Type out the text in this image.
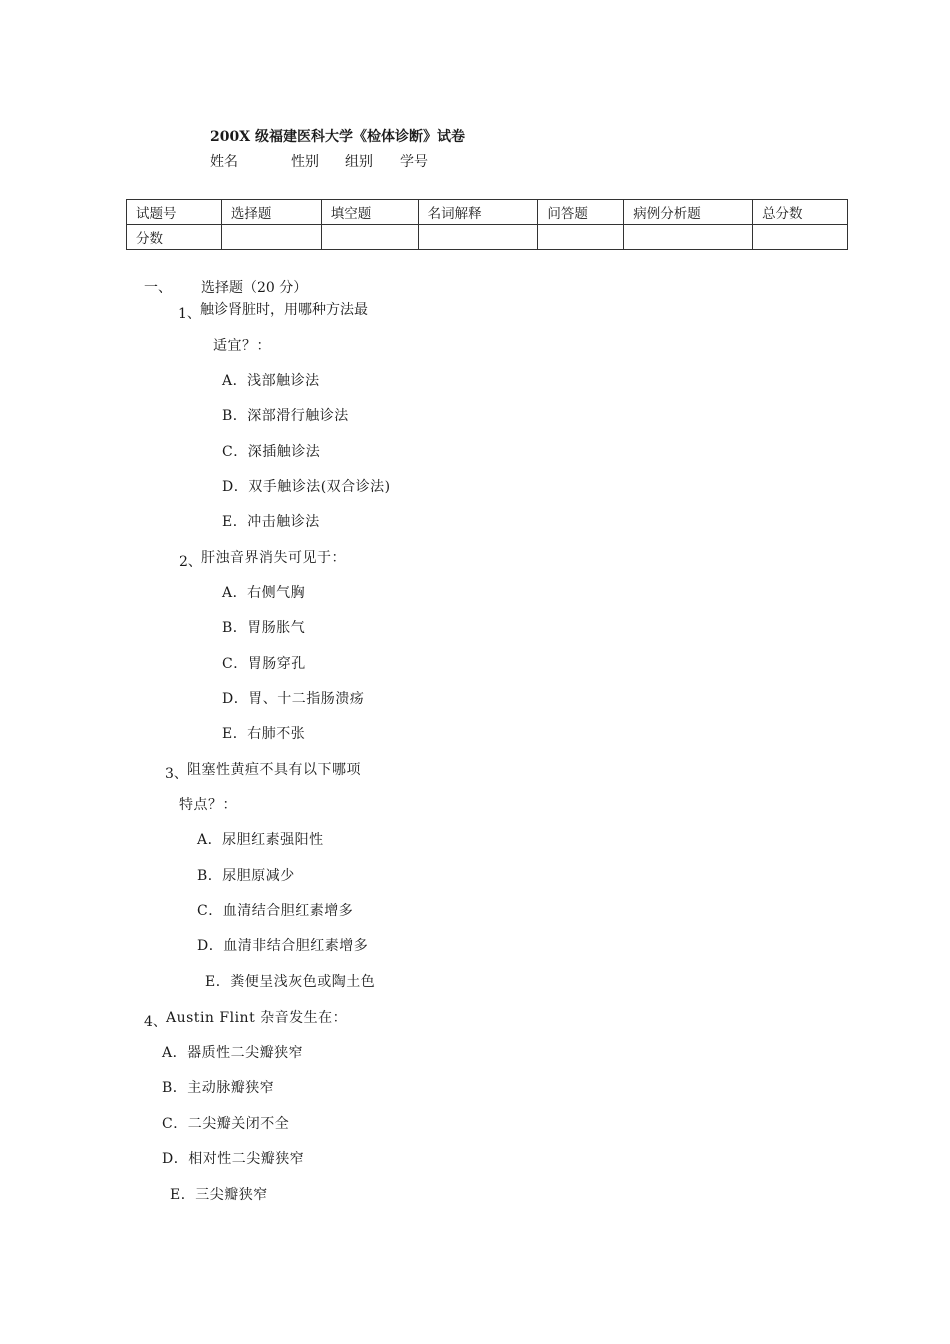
200X 级福建医科大学《检体诊断》试卷
姓名	性别 组别 学号
试题号	选择题	填空题	名词解释	问答题	病例分析题	总分数
分数						
一、 选择题（20 分）
1、 触诊肾脏时，用哪种方法最
适宜？：
A．浅部触诊法
B．深部滑行触诊法
C．深插触诊法
D．双手触诊法(双合诊法)
E．冲击触诊法
2、 肝浊音界消失可见于：
A．右侧气胸
B．胃肠胀气
C．胃肠穿孔
D．胃、十二指肠溃疡
E．右肺不张
3、 阻塞性黄疸不具有以下哪项
特点？：
A．尿胆红素强阳性
B．尿胆原减少
C．血清结合胆红素增多
D．血清非结合胆红素增多
E．粪便呈浅灰色或陶土色
4、 Austin Flint 杂音发生在：
A．器质性二尖瓣狭窄
B．主动脉瓣狭窄
C．二尖瓣关闭不全
D．相对性二尖瓣狭窄
E．三尖瓣狭窄
